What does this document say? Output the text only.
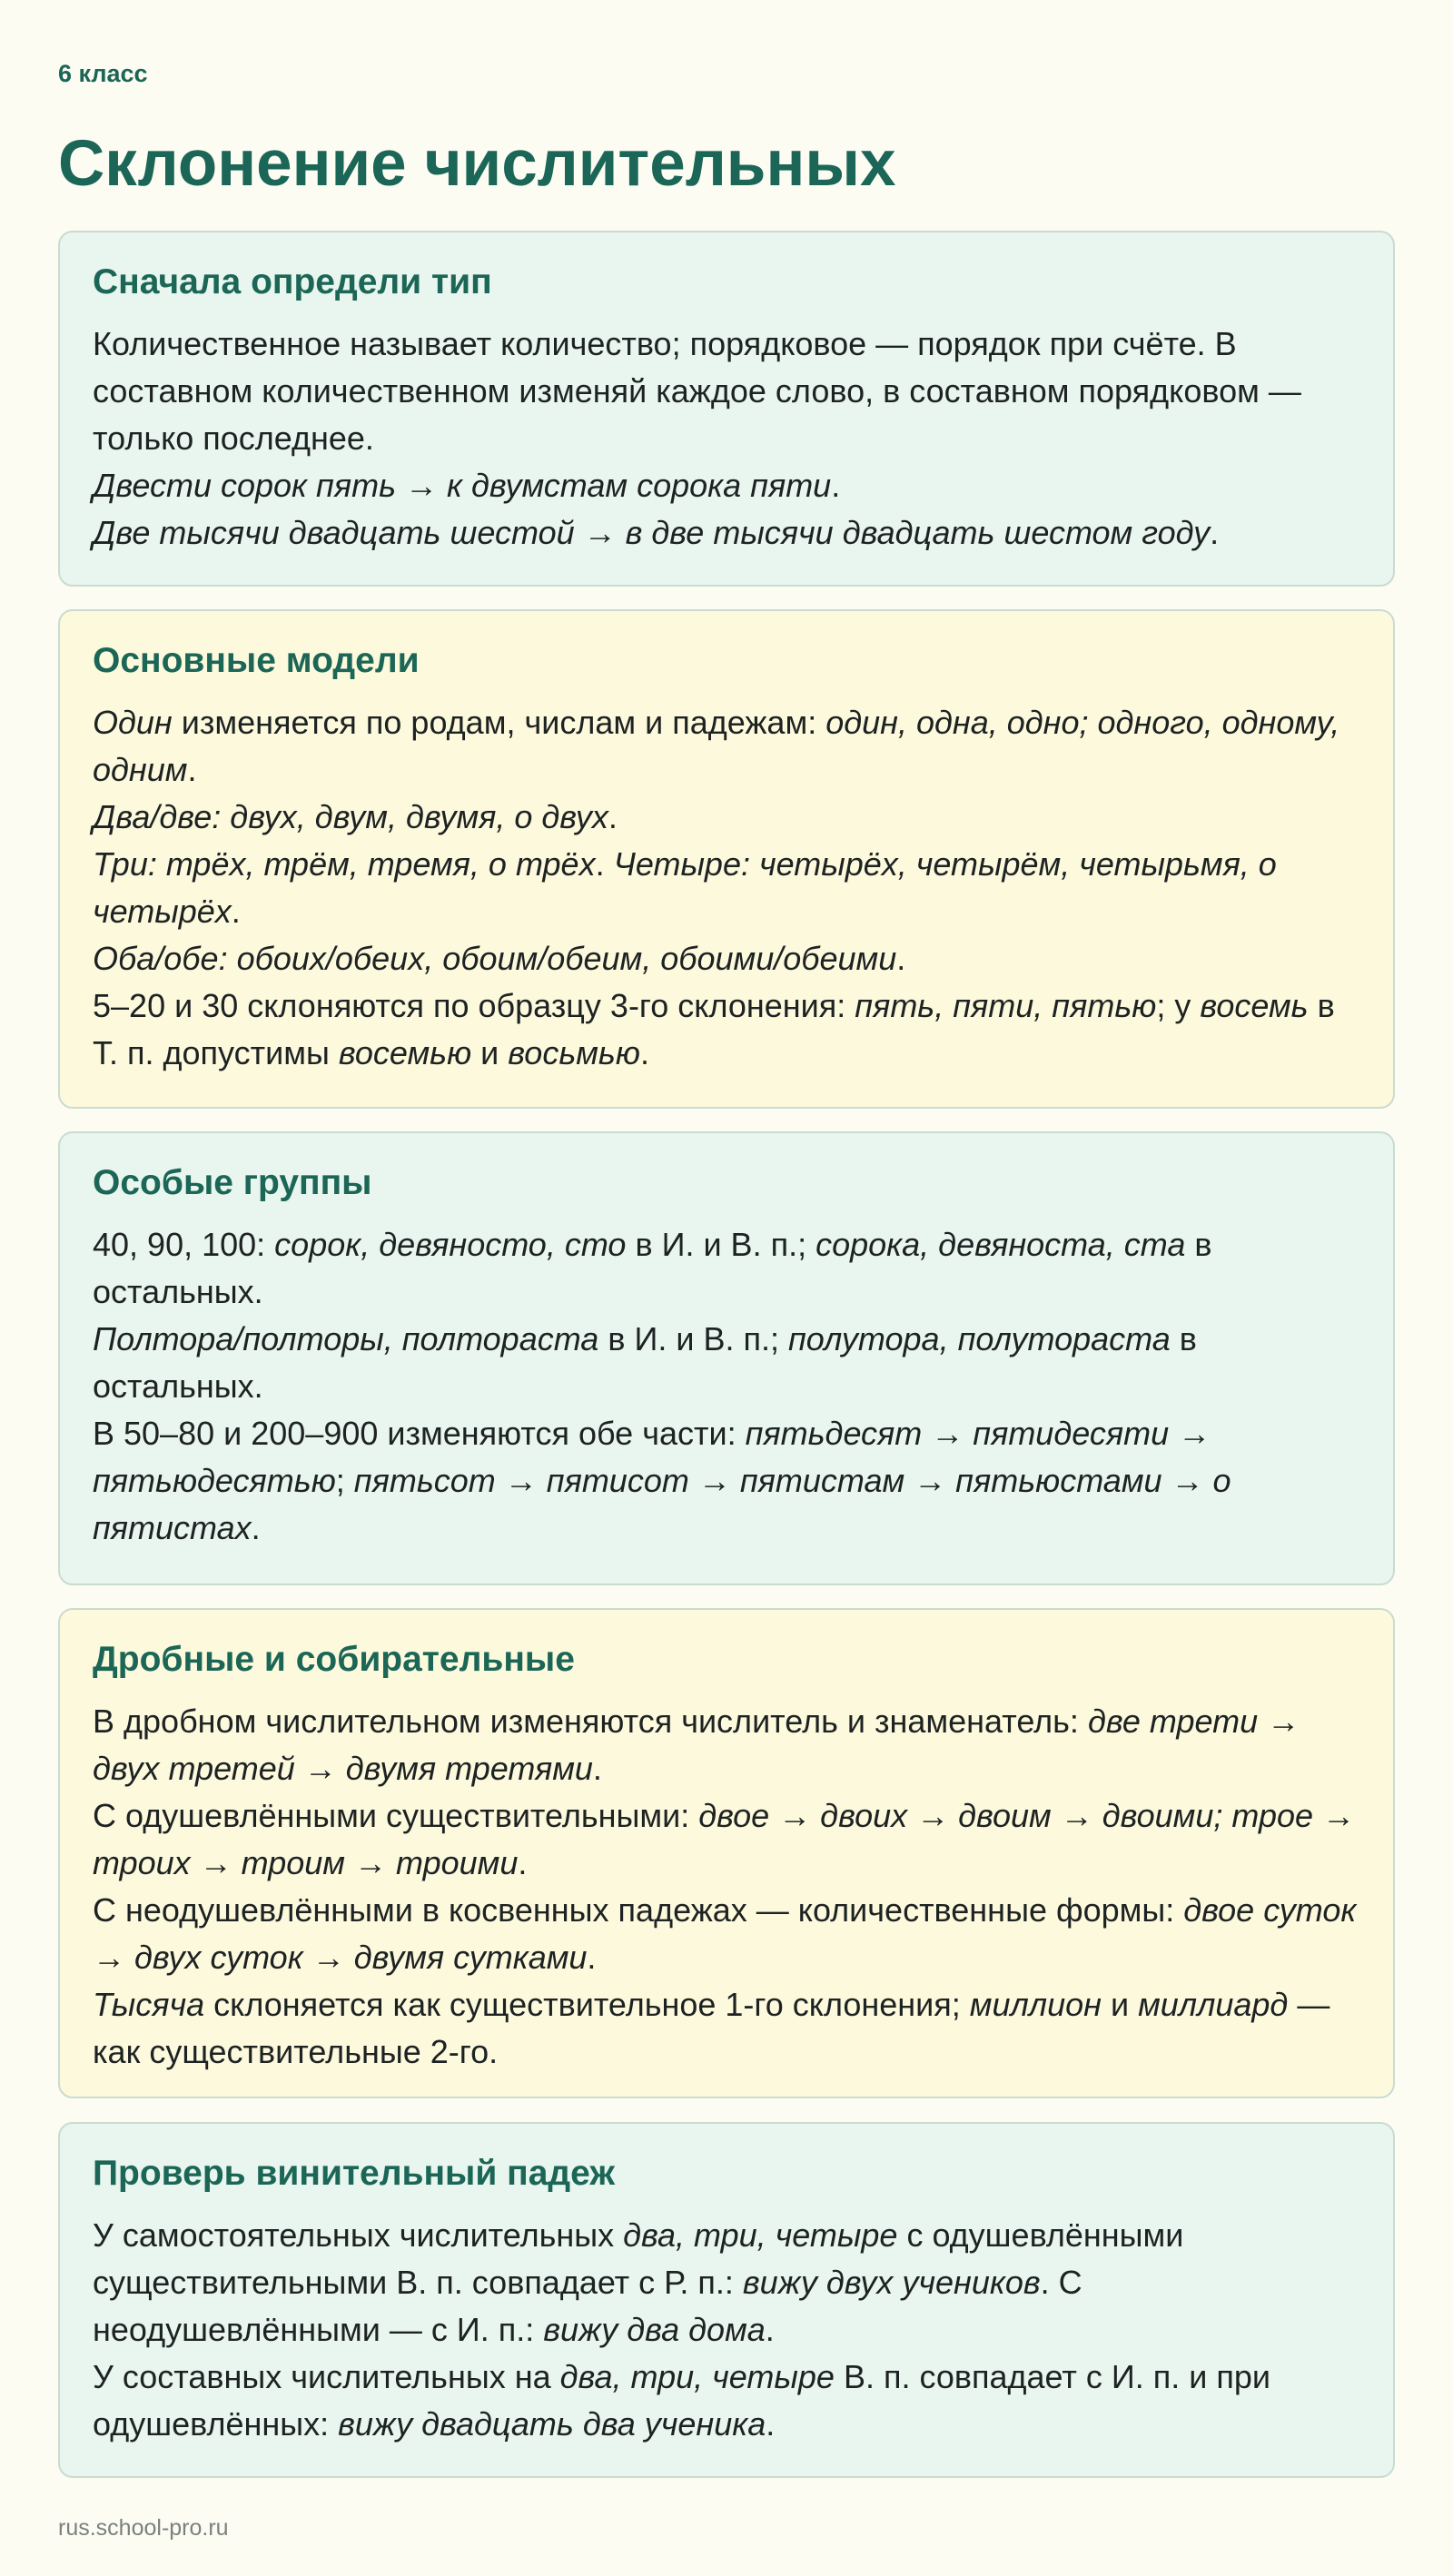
6 класс
Склонение числительных
Сначала определи тип

Количественное называет количество; порядковое — порядок при счёте. В составном количественном изменяй каждое слово, в составном порядковом — только последнее.

Двести сорок пять → к двумстам сорока пяти.

Две тысячи двадцать шестой → в две тысячи двадцать шестом году.

Основные модели

Один изменяется по родам, числам и падежам: один, одна, одно; одного, одному, одним.

Два/две: двух, двум, двумя, о двух.

Три: трёх, трём, тремя, о трёх. Четыре: четырёх, четырём, четырьмя, о четырёх.

Оба/обе: обоих/обеих, обоим/обеим, обоими/обеими.

5–20 и 30 склоняются по образцу 3-го склонения: пять, пяти, пятью; у восемь в Т. п. допустимы восемью и восьмью.

Особые группы

40, 90, 100: сорок, девяносто, сто в И. и В. п.; сорока, девяноста, ста в остальных.

Полтора/полторы, полтораста в И. и В. п.; полутора, полутораста в остальных.

В 50–80 и 200–900 изменяются обе части: пятьдесят → пятидесяти → пятьюдесятью; пятьсот → пятисот → пятистам → пятьюстами → о пятистах.

Дробные и собирательные

В дробном числительном изменяются числитель и знаменатель: две трети → двух третей → двумя третями.

С одушевлёнными существительными: двое → двоих → двоим → двоими; трое → троих → троим → троими.

С неодушевлёнными в косвенных падежах — количественные формы: двое суток → двух суток → двумя сутками.

Тысяча склоняется как существительное 1-го склонения; миллион и миллиард — как существительные 2-го.

Проверь винительный падеж

У самостоятельных числительных два, три, четыре с одушевлёнными существительными В. п. совпадает с Р. п.: вижу двух учеников. С неодушевлёнными — с И. п.: вижу два дома.

У составных числительных на два, три, четыре В. п. совпадает с И. п. и при одушевлённых: вижу двадцать два ученика.

rus.school-pro.ru
